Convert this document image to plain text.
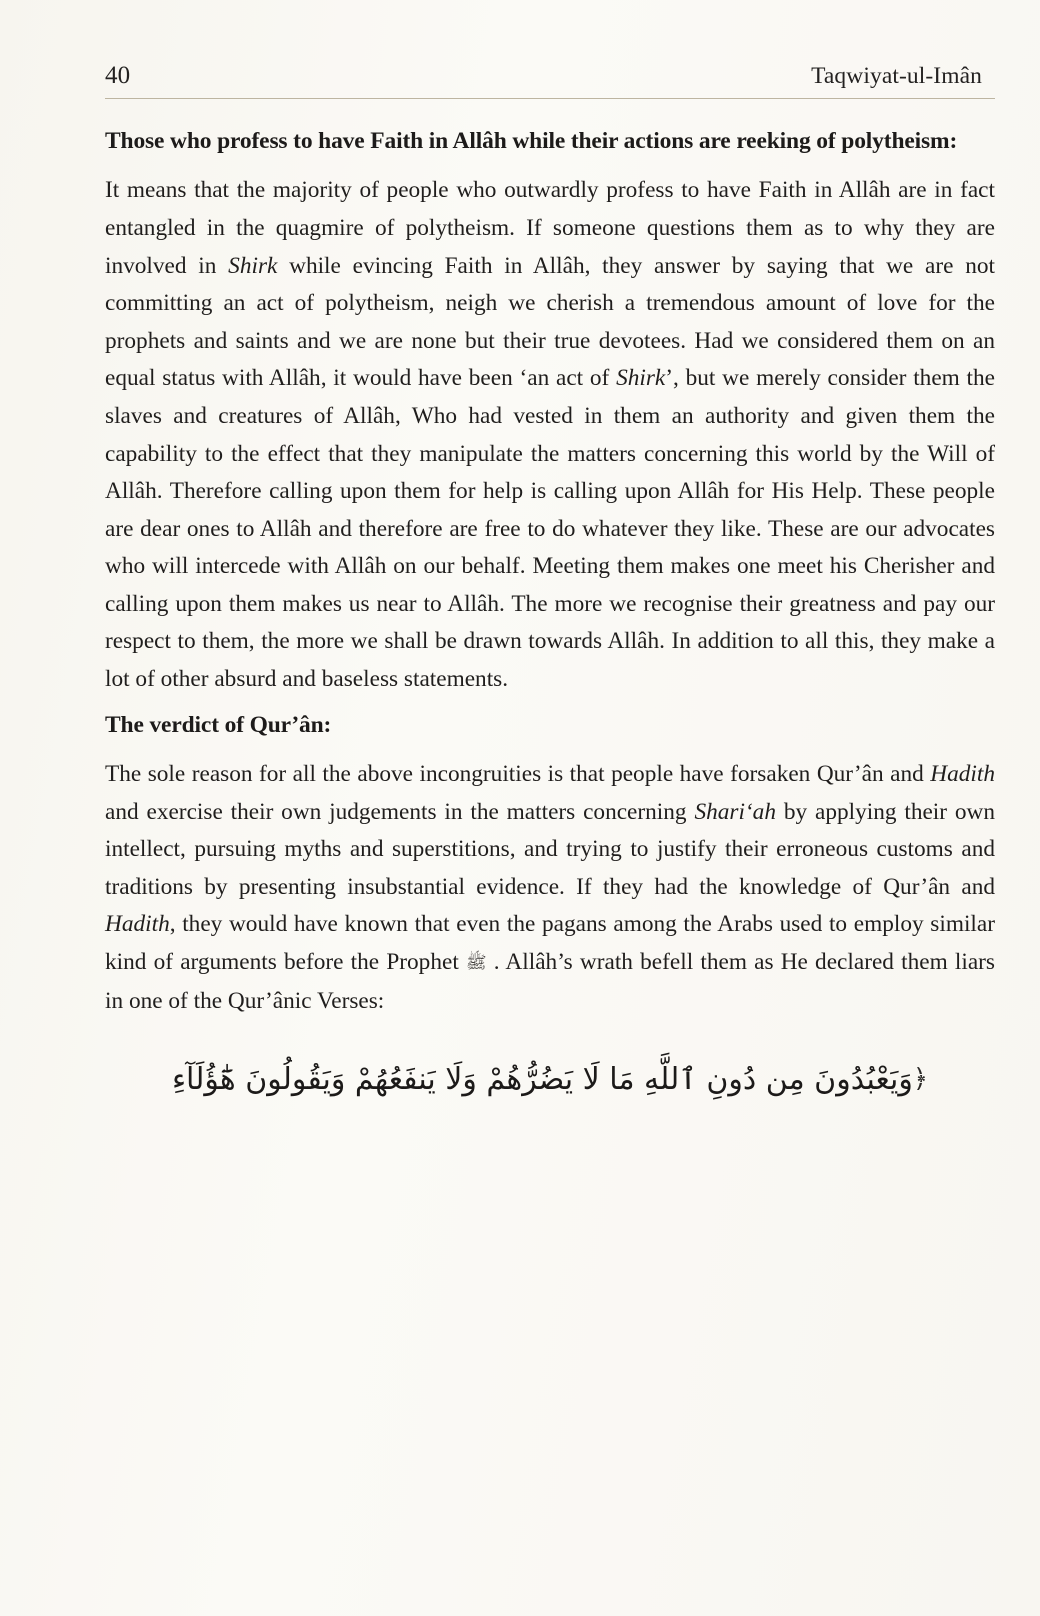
40	Taqwiyat-ul-Imân
Those who profess to have Faith in Allâh while their actions are reeking of polytheism:

It means that the majority of people who outwardly profess to have Faith in Allâh are in fact entangled in the quagmire of polytheism. If someone questions them as to why they are involved in Shirk while evincing Faith in Allâh, they answer by saying that we are not committing an act of polytheism, neigh we cherish a tremendous amount of love for the prophets and saints and we are none but their true devotees. Had we considered them on an equal status with Allâh, it would have been ‘an act of Shirk’, but we merely consider them the slaves and creatures of Allâh, Who had vested in them an authority and given them the capability to the effect that they manipulate the matters concerning this world by the Will of Allâh. Therefore calling upon them for help is calling upon Allâh for His Help. These people are dear ones to Allâh and therefore are free to do whatever they like. These are our advocates who will intercede with Allâh on our behalf. Meeting them makes one meet his Cherisher and calling upon them makes us near to Allâh. The more we recognise their greatness and pay our respect to them, the more we shall be drawn towards Allâh. In addition to all this, they make a lot of other absurd and baseless statements.

The verdict of Qur’ân:

The sole reason for all the above incongruities is that people have forsaken Qur’ân and Hadith and exercise their own judgements in the matters concerning Shari‘ah by applying their own intellect, pursuing myths and superstitions, and trying to justify their erroneous customs and traditions by presenting insubstantial evidence. If they had the knowledge of Qur’ân and Hadith, they would have known that even the pagans among the Arabs used to employ similar kind of arguments before the Prophet ﷺ . Allâh’s wrath befell them as He declared them liars in one of the Qur’ânic Verses:

﴿وَيَعْبُدُونَ مِن دُونِ ٱللَّهِ مَا لَا يَضُرُّهُمْ وَلَا يَنفَعُهُمْ وَيَقُولُونَ هَٰٓؤُلَآءِ
